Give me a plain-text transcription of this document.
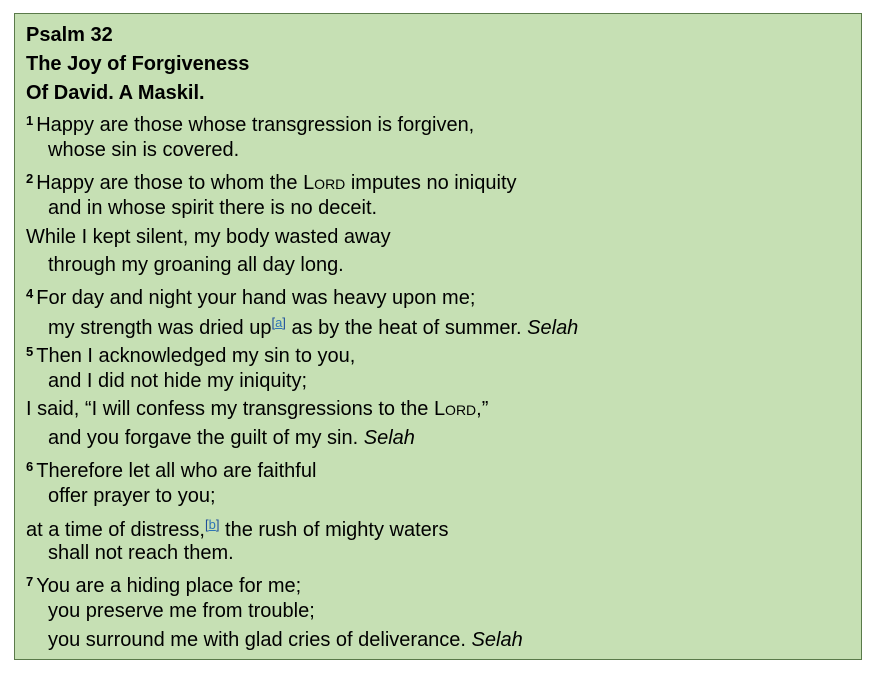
Psalm 32
The Joy of Forgiveness
Of David. A Maskil.
$^1$ Happy are those whose transgression is forgiven,
whose sin is covered.
$^2$ Happy are those to whom the Lord imputes no iniquity
and in whose spirit there is no deceit.
While I kept silent, my body wasted away
through my groaning all day long.
$^4$ For day and night your hand was heavy upon me;
my strength was dried up[a] as by the heat of summer. Selah
$^5$ Then I acknowledged my sin to you,
and I did not hide my iniquity;
I said, “I will confess my transgressions to the Lord,”
and you forgave the guilt of my sin. Selah
$^6$ Therefore let all who are faithful
offer prayer to you;
at a time of distress,[b] the rush of mighty waters
shall not reach them.
$^7$ You are a hiding place for me;
you preserve me from trouble;
you surround me with glad cries of deliverance. Selah
